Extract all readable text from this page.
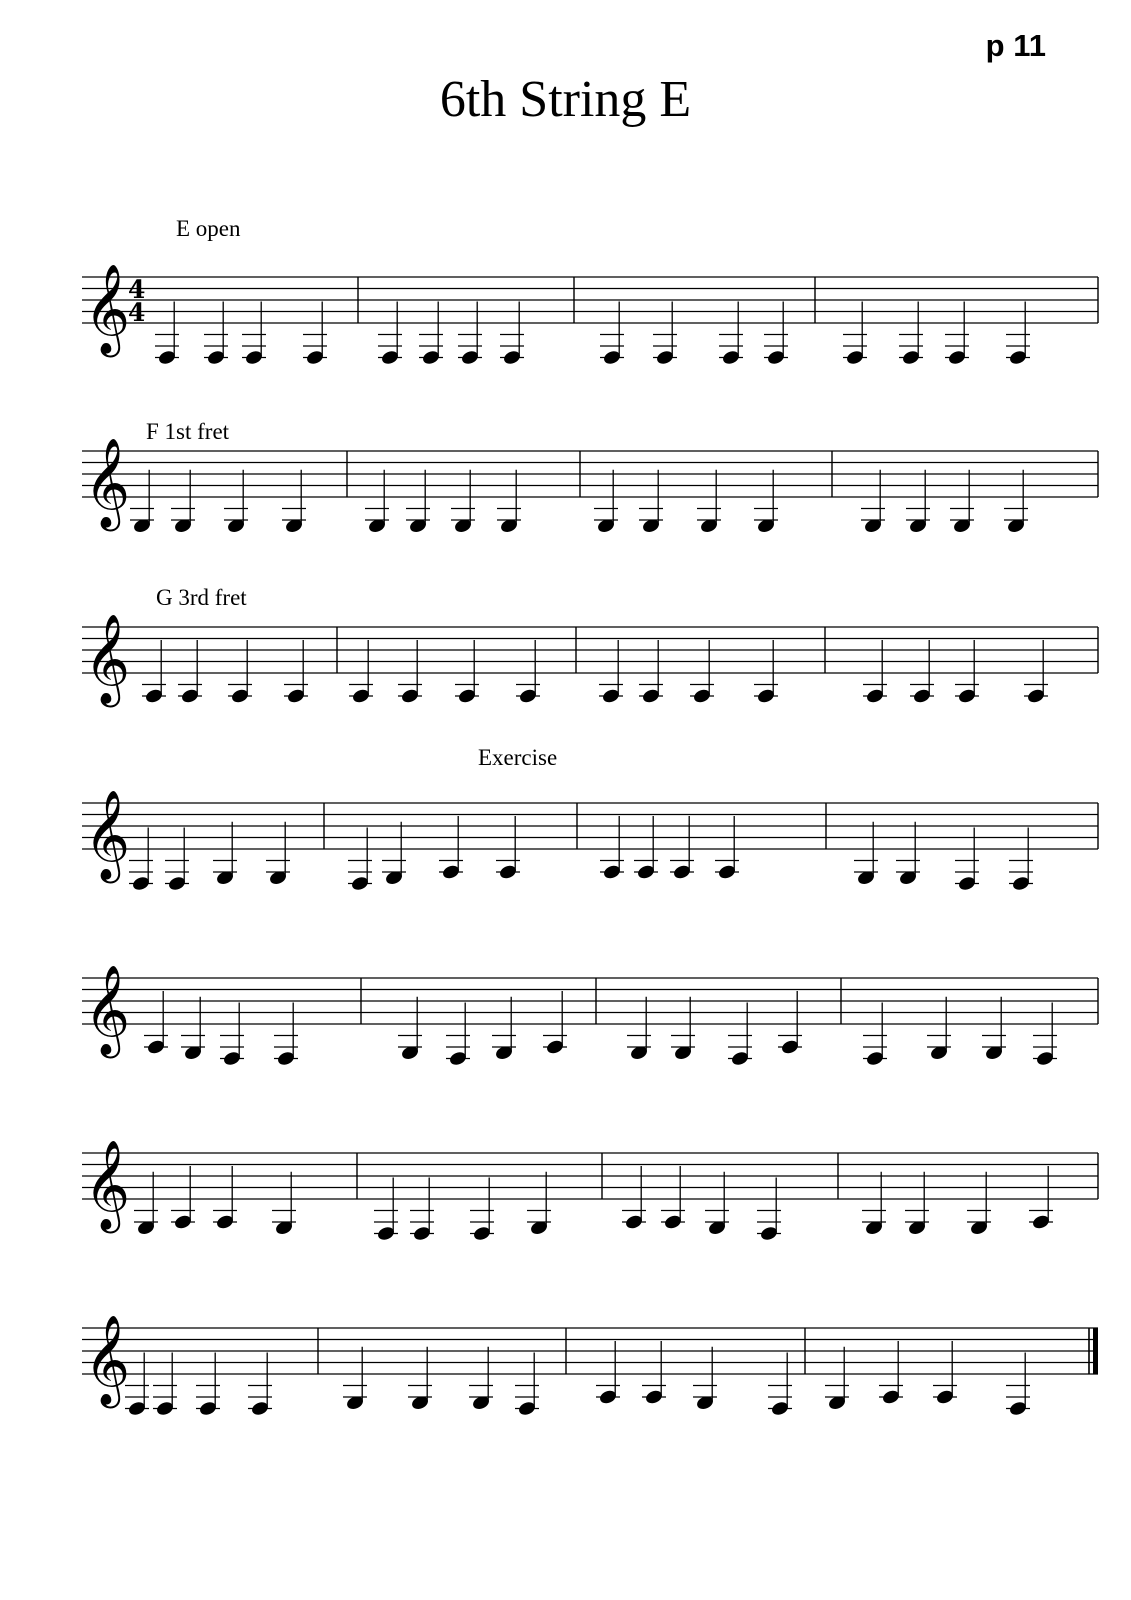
p 11
6th String E
𝄞
4
4
E open
𝄞
F 1st fret
𝄞
G 3rd fret
𝄞
Exercise
𝄞
𝄞
𝄞
